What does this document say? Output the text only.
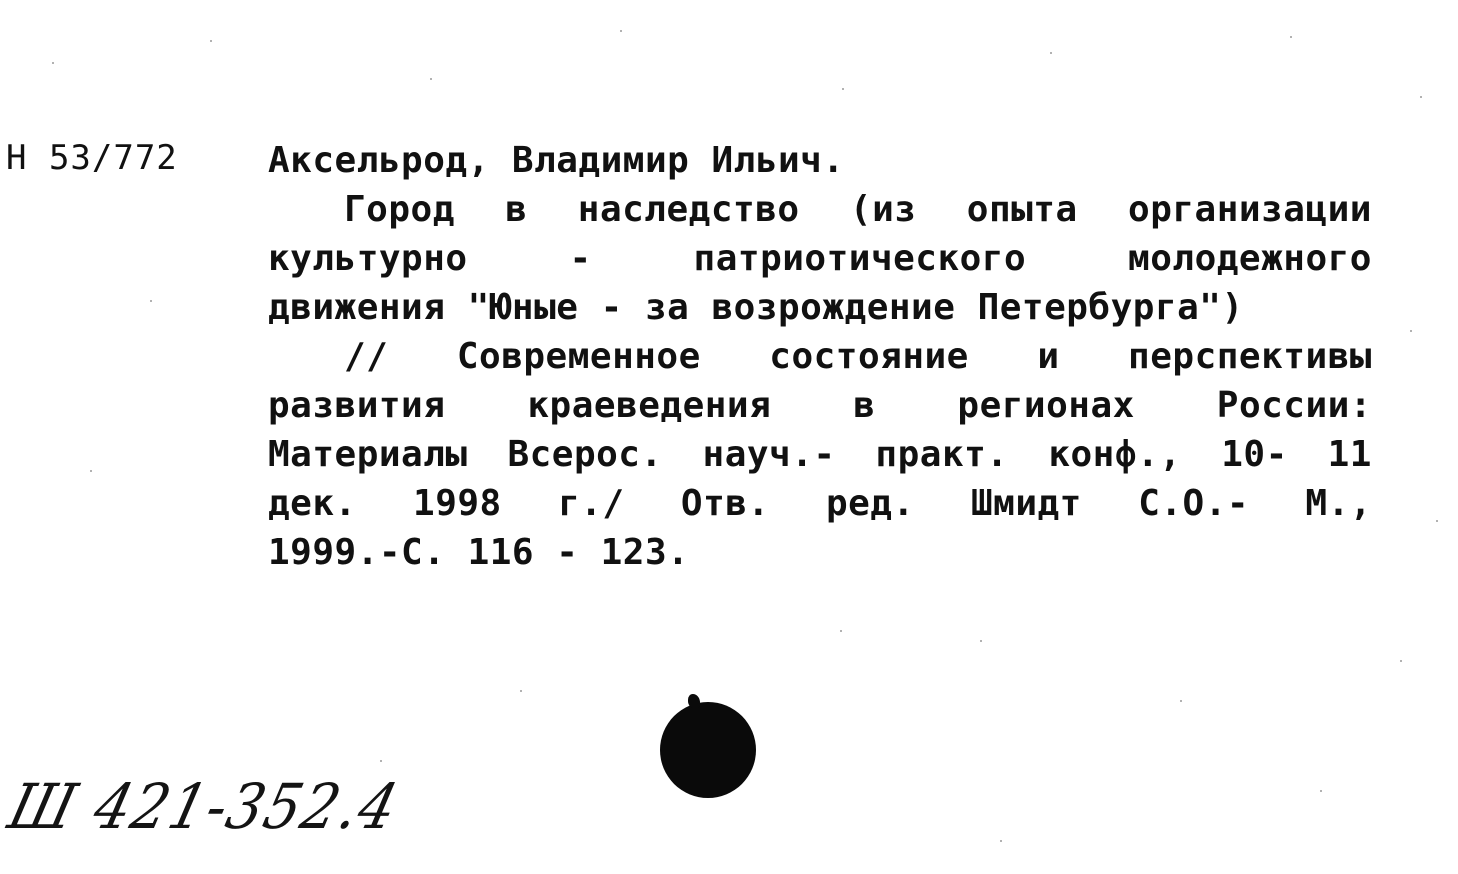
Н 53/772	Аксельрод, Владимир Ильич.
Город в наследство (из опыта организации
культурно	-	патриотического	молодежного
движения "Юные - за возрождение Петербурга")
// Современное состояние и перспективы
развития краеведения в регионах России:
Материалы Всерос. науч.- практ. конф., 10- 11
дек. 1998 г./ Отв. ред. Шмидт С.О.- М.,
1999.-С. 116 - 123.
Ш 421-352.4
